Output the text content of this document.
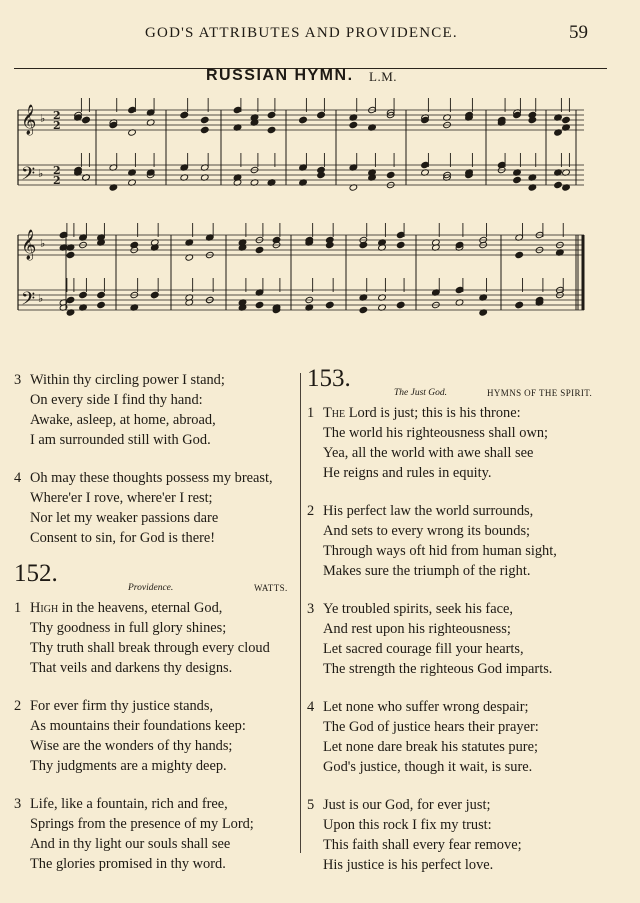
GOD'S ATTRIBUTES AND PROVIDENCE.	59
RUSSIAN HYMN. L.M.
𝄞 ♭ 2
2
𝄢 ♭ 2
2
𝄞 ♭
𝄢 ♭
3 Within thy circling power I stand;
On every side I find thy hand:
Awake, asleep, at home, abroad,
I am surrounded still with God.
4 Oh may these thoughts possess my breast,
Where'er I rove, where'er I rest;
Nor let my weaker passions dare
Consent to sin, for God is there!
152.
Providence.	WATTS.
1 High in the heavens, eternal God,
Thy goodness in full glory shines;
Thy truth shall break through every cloud
That veils and darkens thy designs.
2 For ever firm thy justice stands,
As mountains their foundations keep:
Wise are the wonders of thy hands;
Thy judgments are a mighty deep.
3 Life, like a fountain, rich and free,
Springs from the presence of my Lord;
And in thy light our souls shall see
The glories promised in thy word.
153.
The Just God.	HYMNS OF THE SPIRIT.
1 The Lord is just; this is his throne:
The world his righteousness shall own;
Yea, all the world with awe shall see
He reigns and rules in equity.
2 His perfect law the world surrounds,
And sets to every wrong its bounds;
Through ways oft hid from human sight,
Makes sure the triumph of the right.
3 Ye troubled spirits, seek his face,
And rest upon his righteousness;
Let sacred courage fill your hearts,
The strength the righteous God imparts.
4 Let none who suffer wrong despair;
The God of justice hears their prayer:
Let none dare break his statutes pure;
God's justice, though it wait, is sure.
5 Just is our God, for ever just;
Upon this rock I fix my trust:
This faith shall every fear remove;
His justice is his perfect love.
